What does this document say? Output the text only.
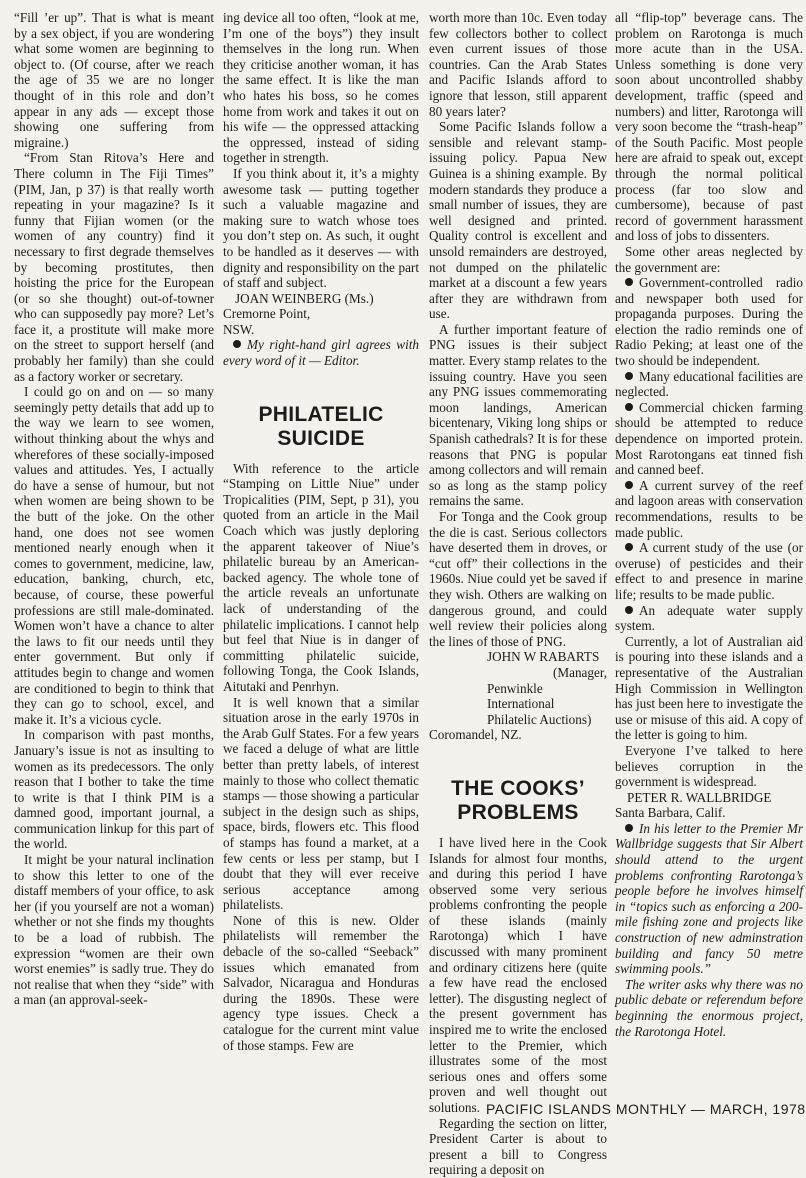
“Fill ’er up”. That is what is meant by a sex object, if you are wondering what some women are beginning to object to. (Of course, after we reach the age of 35 we are no longer thought of in this role and don’t appear in any ads — except those showing one suffering from migraine.)

“From Stan Ritova’s Here and There column in The Fiji Times” (PIM, Jan, p 37) is that really worth repeating in your magazine? Is it funny that Fijian women (or the women of any country) find it necessary to first degrade themselves by becoming prostitutes, then hoisting the price for the European (or so she thought) out-of-towner who can supposedly pay more? Let’s face it, a prostitute will make more on the street to support herself (and probably her family) than she could as a factory worker or secretary.

I could go on and on — so many seemingly petty details that add up to the way we learn to see women, without thinking about the whys and wherefores of these socially-imposed values and attitudes. Yes, I actually do have a sense of humour, but not when women are being shown to be the butt of the joke. On the other hand, one does not see women mentioned nearly enough when it comes to government, medicine, law, education, banking, church, etc, because, of course, these powerful professions are still male-dominated. Women won’t have a chance to alter the laws to fit our needs until they enter government. But only if attitudes begin to change and women are conditioned to begin to think that they can go to school, excel, and make it. It’s a vicious cycle.

In comparison with past months, January’s issue is not as insulting to women as its predecessors. The only reason that I bother to take the time to write is that I think PIM is a damned good, important journal, a communication linkup for this part of the world.

It might be your natural inclination to show this letter to one of the distaff members of your office, to ask her (if you yourself are not a woman) whether or not she finds my thoughts to be a load of rubbish. The expression “women are their own worst enemies” is sadly true. They do not realise that when they “side” with a man (an approval-seek-

ing device all too often, “look at me, I’m one of the boys”) they insult themselves in the long run. When they criticise another woman, it has the same effect. It is like the man who hates his boss, so he comes home from work and takes it out on his wife — the oppressed attacking the oppressed, instead of siding together in strength.

If you think about it, it’s a mighty awesome task — putting together such a valuable magazine and making sure to watch whose toes you don’t step on. As such, it ought to be handled as it deserves — with dignity and responsibility on the part of staff and subject.

JOAN WEINBERG (Ms.)
Cremorne Point,
NSW.

My right-hand girl agrees with every word of it — Editor.

PHILATELIC SUICIDE

With reference to the article “Stamping on Little Niue” under Tropicalities (PIM, Sept, p 31), you quoted from an article in the Mail Coach which was justly deploring the apparent takeover of Niue’s philatelic bureau by an American-backed agency. The whole tone of the article reveals an unfortunate lack of understanding of the philatelic implications. I cannot help but feel that Niue is in danger of committing philatelic suicide, following Tonga, the Cook Islands, Aitutaki and Penrhyn.

It is well known that a similar situation arose in the early 1970s in the Arab Gulf States. For a few years we faced a deluge of what are little better than pretty labels, of interest mainly to those who collect thematic stamps — those showing a particular subject in the design such as ships, space, birds, flowers etc. This flood of stamps has found a market, at a few cents or less per stamp, but I doubt that they will ever receive serious acceptance among philatelists.

None of this is new. Older philatelists will remember the debacle of the so-called “Seeback” issues which emanated from Salvador, Nicaragua and Honduras during the 1890s. These were agency type issues. Check a catalogue for the current mint value of those stamps. Few are

worth more than 10c. Even today few collectors bother to collect even current issues of those countries. Can the Arab States and Pacific Islands afford to ignore that lesson, still apparent 80 years later?

Some Pacific Islands follow a sensible and relevant stamp-issuing policy. Papua New Guinea is a shining example. By modern standards they produce a small number of issues, they are well designed and printed. Quality control is excellent and unsold remainders are destroyed, not dumped on the philatelic market at a discount a few years after they are withdrawn from use.

A further important feature of PNG issues is their subject matter. Every stamp relates to the issuing country. Have you seen any PNG issues commemorating moon landings, American bicentenary, Viking long ships or Spanish cathedrals? It is for these reasons that PNG is popular among collectors and will remain so as long as the stamp policy remains the same.

For Tonga and the Cook group the die is cast. Serious collectors have deserted them in droves, or “cut off” their collections in the 1960s. Niue could yet be saved if they wish. Others are walking on dangerous ground, and could well review their policies along the lines of those of PNG.

JOHN W RABARTS
(Manager,
Penwinkle International
Philatelic Auctions)
Coromandel, NZ.
THE COOKS’ PROBLEMS

I have lived here in the Cook Islands for almost four months, and during this period I have observed some very serious problems confronting the people of these islands (mainly Rarotonga) which I have discussed with many prominent and ordinary citizens here (quite a few have read the enclosed letter). The disgusting neglect of the present government has inspired me to write the enclosed letter to the Premier, which illustrates some of the most serious ones and offers some proven and well thought out solutions.

Regarding the section on litter, President Carter is about to present a bill to Congress requiring a deposit on

all “flip-top” beverage cans. The problem on Rarotonga is much more acute than in the USA. Unless something is done very soon about uncontrolled shabby development, traffic (speed and numbers) and litter, Rarotonga will very soon become the “trash-heap” of the South Pacific. Most people here are afraid to speak out, except through the normal political process (far too slow and cumbersome), because of past record of government harassment and loss of jobs to dissenters.

Some other areas neglected by the government are:

Government-controlled radio and newspaper both used for propaganda purposes. During the election the radio reminds one of Radio Peking; at least one of the two should be independent.

Many educational facilities are neglected.

Commercial chicken farming should be attempted to reduce dependence on imported protein. Most Rarotongans eat tinned fish and canned beef.

A current survey of the reef and lagoon areas with conservation recommendations, results to be made public.

A current study of the use (or overuse) of pesticides and their effect to and presence in marine life; results to be made public.

An adequate water supply system.

Currently, a lot of Australian aid is pouring into these islands and a representative of the Australian High Commission in Wellington has just been here to investigate the use or misuse of this aid. A copy of the letter is going to him.

Everyone I’ve talked to here believes corruption in the government is widespread.

PETER R. WALLBRIDGE
Santa Barbara, Calif.

In his letter to the Premier Mr Wallbridge suggests that Sir Albert should attend to the urgent problems confronting Rarotonga’s people before he involves himself in “topics such as enforcing a 200-mile fishing zone and projects like construction of new adminstration building and fancy 50 metre swimming pools.”

The writer asks why there was no public debate or referendum before beginning the enormous project, the Rarotonga Hotel.

PACIFIC ISLANDS MONTHLY — MARCH, 1978
